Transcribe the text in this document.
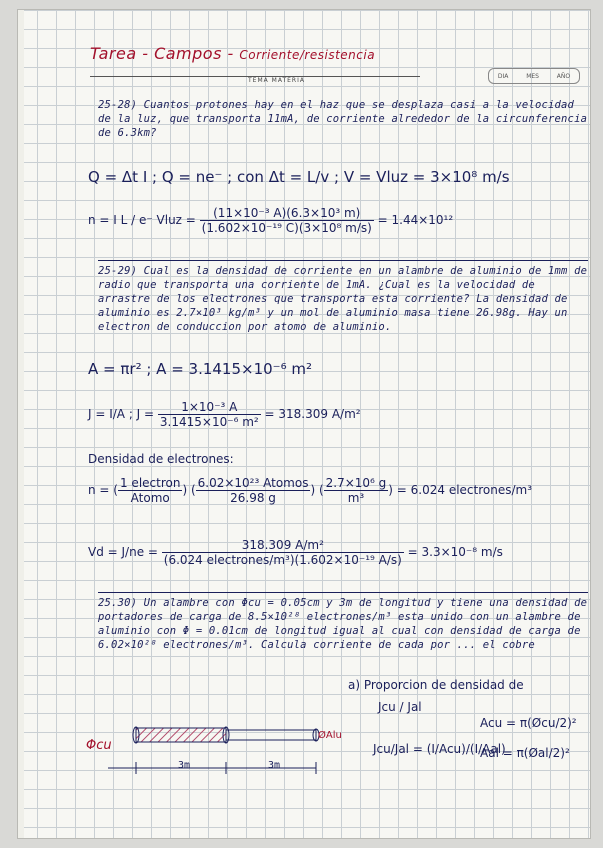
Tarea - Campos - Corriente/resistencia
TEMA MATERIA
DIA	MES	AÑO
25-28) Cuantos protones hay en el haz que se desplaza casi a la velocidad de la luz, que transporta 11mA, de corriente alrededor de la circunferencia de 6.3km?
Q = Δt I ; Q = ne⁻ ; con Δt = L/v ; V = Vluz = 3×10⁸ m/s
n = I L / e⁻ Vluz = $\frac{\text{(11×10⁻³ A)(6.3×10³ m)}}{\text{(1.602×10⁻¹⁹ C)(3×10⁸ m/s)}} = 1.44\times 10^{12}$
25-29) Cual es la densidad de corriente en un alambre de aluminio de 1mm de radio que transporta una corriente de 1mA. ¿Cual es la velocidad de arrastre de los electrones que transporta esta corriente? La densidad de aluminio es 2.7×10³ kg/m³ y un mol de aluminio masa tiene 26.98g. Hay un electron de conduccion por atomo de aluminio.
A = πr² ; A = 3.1415×10⁻⁶ m²
J = I/A ; $J = \frac{\text{1×10⁻³ A}}{\text{3.1415×10⁻⁶ m²}} = 318.309$ A/m²
Densidad de electrones:
n = ( $\frac{\text{1 electron}}{\text{Atomo}}$ ) ( $\frac{\text{6.02×10²³ Atomos}}{26.98 g}$ ) ( $\frac{\text{2.7×10⁶ g}}{\text{m³}}$ ) = 6.024 electrones/m³
$Vd = J/ne = \frac{\text{318.309 A/m²}}{\text{(6.024 electrones/m³)(1.602×10⁻¹⁹ A/s)}} = 3.3\times 10^{-8}$ m/s
25.30) Un alambre con Φcu = 0.05cm y 3m de longitud y tiene una densidad de portadores de carga de 8.5×10²⁸ electrones/m³ esta unido con un alambre de aluminio con Φ = 0.01cm de longitud igual al cual con densidad de carga de 6.02×10²⁸ electrones/m³. Calcula corriente de cada por ... el cobre
a) Proporcion de densidad de
Jcu / Jal
Jcu/Jal = (I/Acu)/(I/Aal)
Acu = π(Øcu/2)²
Aal = π(Øal/2)²
Φcu
ØAlu
3m	3m
